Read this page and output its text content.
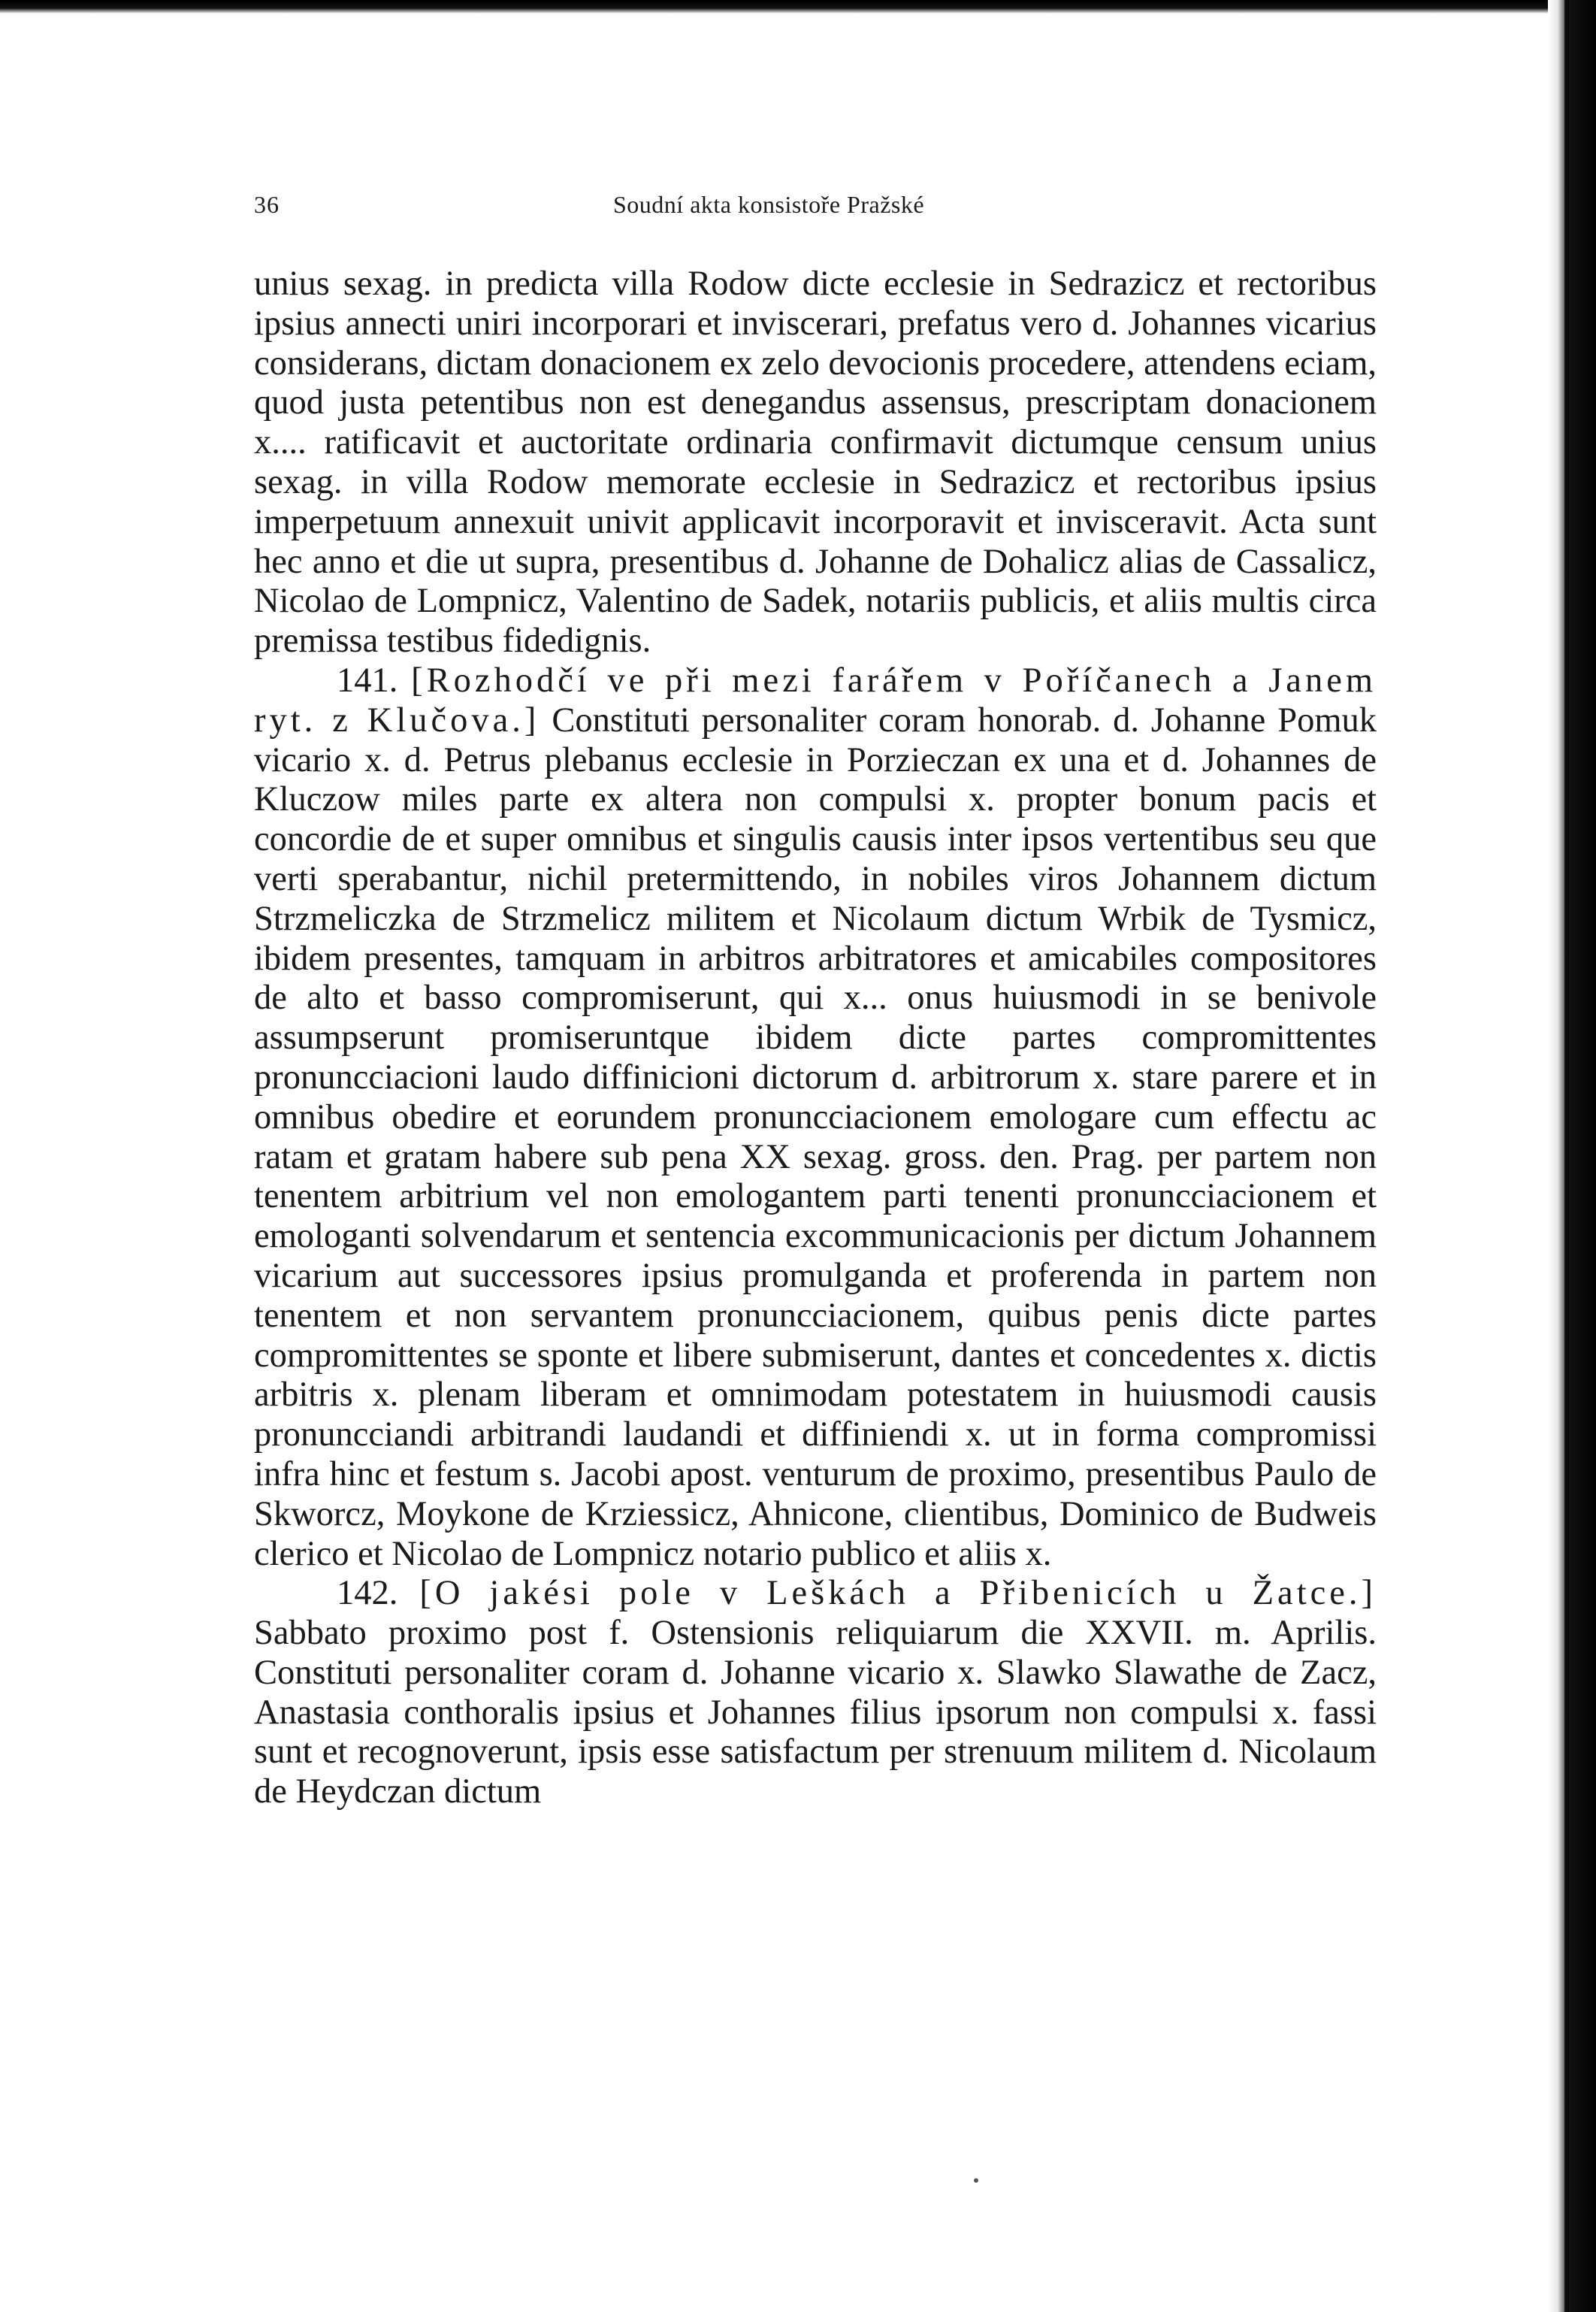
36	Soudní akta konsistoře Pražské

unius sexag. in predicta villa Rodow dicte ecclesie in Sedrazicz et rectoribus ipsius annecti uniri incorporari et inviscerari, prefatus vero d. Johannes vicarius considerans, dictam donacionem ex zelo devocionis procedere, attendens eciam, quod justa petentibus non est denegandus assensus, prescriptam donacionem x.... ratificavit et auctoritate ordinaria confirmavit dictumque censum unius sexag. in villa Rodow memorate ecclesie in Sedrazicz et rectoribus ipsius imperpetuum annexuit univit applicavit incorporavit et invisceravit. Acta sunt hec anno et die ut supra, presentibus d. Johanne de Dohalicz alias de Cassalicz, Nicolao de Lompnicz, Valentino de Sadek, notariis publicis, et aliis multis circa premissa testibus fidedignis.

141. [Rozhodčí ve při mezi farářem v Poříčanech a Janem ryt. z Klučova.] Constituti personaliter coram honorab. d. Johanne Pomuk vicario x. d. Petrus plebanus ecclesie in Porzieczan ex una et d. Johannes de Kluczow miles parte ex altera non compulsi x. propter bonum pacis et concordie de et super omnibus et singulis causis inter ipsos vertentibus seu que verti sperabantur, nichil pretermittendo, in nobiles viros Johannem dictum Strzmeliczka de Strzmelicz militem et Nicolaum dictum Wrbik de Tysmicz, ibidem presentes, tamquam in arbitros arbitratores et amicabiles compositores de alto et basso compromiserunt, qui x... onus huiusmodi in se benivole assumpserunt promiseruntque ibidem dicte partes compromittentes pronuncciacioni laudo diffinicioni dictorum d. arbitrorum x. stare parere et in omnibus obedire et eorundem pronuncciacionem emologare cum effectu ac ratam et gratam habere sub pena XX sexag. gross. den. Prag. per partem non tenentem arbitrium vel non emologantem parti tenenti pronuncciacionem et emologanti solvendarum et sentencia excommunicacionis per dictum Johannem vicarium aut successores ipsius promulganda et proferenda in partem non tenentem et non servantem pronuncciacionem, quibus penis dicte partes compromittentes se sponte et libere submiserunt, dantes et concedentes x. dictis arbitris x. plenam liberam et omnimodam potestatem in huiusmodi causis pronuncciandi arbitrandi laudandi et diffiniendi x. ut in forma compromissi infra hinc et festum s. Jacobi apost. venturum de proximo, presentibus Paulo de Skworcz, Moykone de Krziessicz, Ahnicone, clientibus, Dominico de Budweis clerico et Nicolao de Lompnicz notario publico et aliis x.

142. [O jakési pole v Leškách a Přibenicích u Žatce.] Sabbato proximo post f. Ostensionis reliquiarum die XXVII. m. Aprilis. Constituti personaliter coram d. Johanne vicario x. Slawko Slawathe de Zacz, Anastasia conthoralis ipsius et Johannes filius ipsorum non compulsi x. fassi sunt et recognoverunt, ipsis esse satisfactum per strenuum militem d. Nicolaum de Heydczan dictum
